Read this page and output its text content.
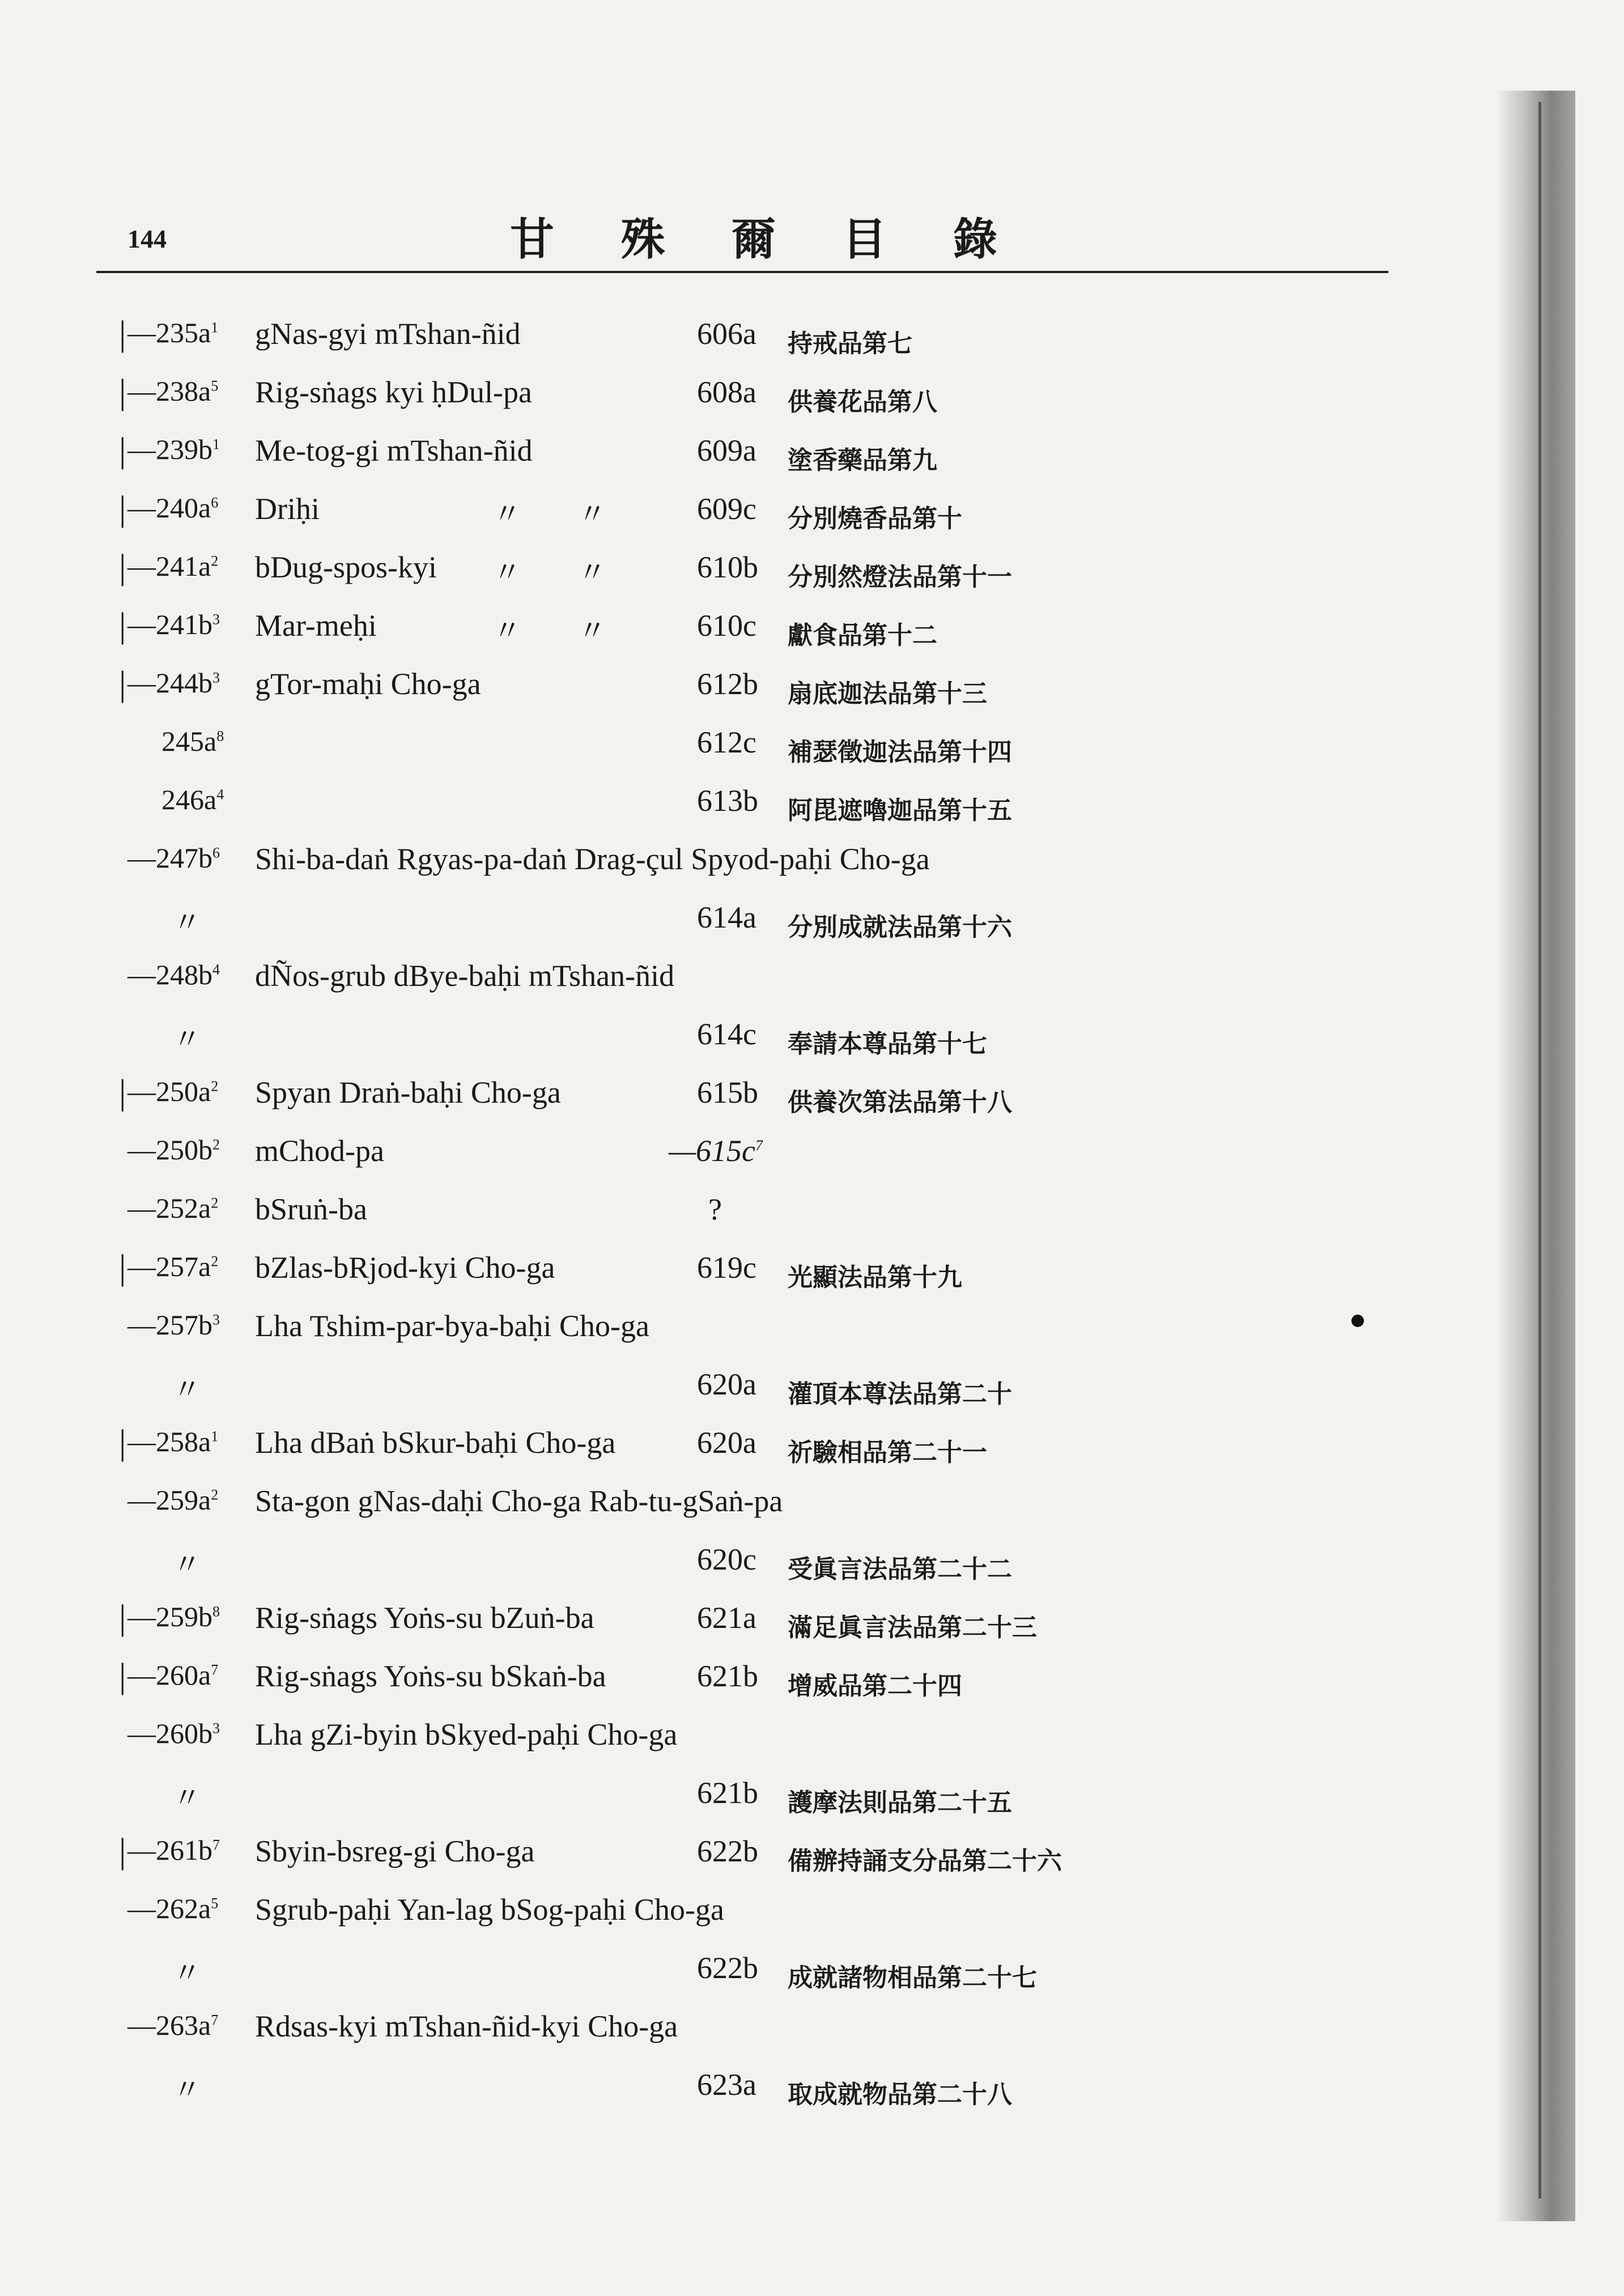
144	甘 殊 爾 目 錄
| $—235a^1$ gNas-gyi mTshan-ñid	606a 持戒品第七
| $—238a^5$ Rig-sṅags kyi ḥDul-pa	608a 供養花品第八
| $—239b^1$ Me-tog-gi mTshan-ñid	609a 塗香藥品第九
| $—240a^6$ Driḥi	〃　　〃	609c 分別燒香品第十
| $—241a^2$ bDug-spos-kyi 〃　　〃	610b 分別然燈法品第十一
| $—241b^3$ Mar-meḥi	〃　　〃	610c 獻食品第十二
| $—244b^3$ gTor-maḥi Cho-ga	612b 扇底迦法品第十三
$245a^8$	612c 補瑟徵迦法品第十四
$246a^4$	613b 阿毘遮嚕迦品第十五
$—247b^6$ Shi-ba-daṅ Rgyas-pa-daṅ Drag-çul Spyod-paḥi Cho-ga
〃	614a 分別成就法品第十六
$—248b^4$ dÑos-grub dBye-baḥi mTshan-ñid
〃	614c 奉請本尊品第十七
| $—250a^2$ Spyan Draṅ-baḥi Cho-ga	615b 供養次第法品第十八
$—250b^2$ mChod-pa	$—615c^7$
$—252a^2$ bSruṅ-ba	?
| $—257a^2$ bZlas-bRjod-kyi Cho-ga	619c 光顯法品第十九
$—257b^3$ Lha Tshim-par-bya-baḥi Cho-ga
〃	620a 灌頂本尊法品第二十
| $—258a^1$ Lha dBaṅ bSkur-baḥi Cho-ga	620a 祈驗相品第二十一
$—259a^2$ Sta-gon gNas-daḥi Cho-ga Rab-tu-gSaṅ-pa
〃	620c 受眞言法品第二十二
| $—259b^8$ Rig-sṅags Yoṅs-su bZuṅ-ba	621a 滿足眞言法品第二十三
| $—260a^7$ Rig-sṅags Yoṅs-su bSkaṅ-ba	621b 增威品第二十四
$—260b^3$ Lha gZi-byin bSkyed-paḥi Cho-ga
〃	621b 護摩法則品第二十五
| $—261b^7$ Sbyin-bsreg-gi Cho-ga	622b 備辦持誦支分品第二十六
$—262a^5$ Sgrub-paḥi Yan-lag bSog-paḥi Cho-ga
〃	622b 成就諸物相品第二十七
$—263a^7$ Rdsas-kyi mTshan-ñid-kyi Cho-ga
〃	623a 取成就物品第二十八
